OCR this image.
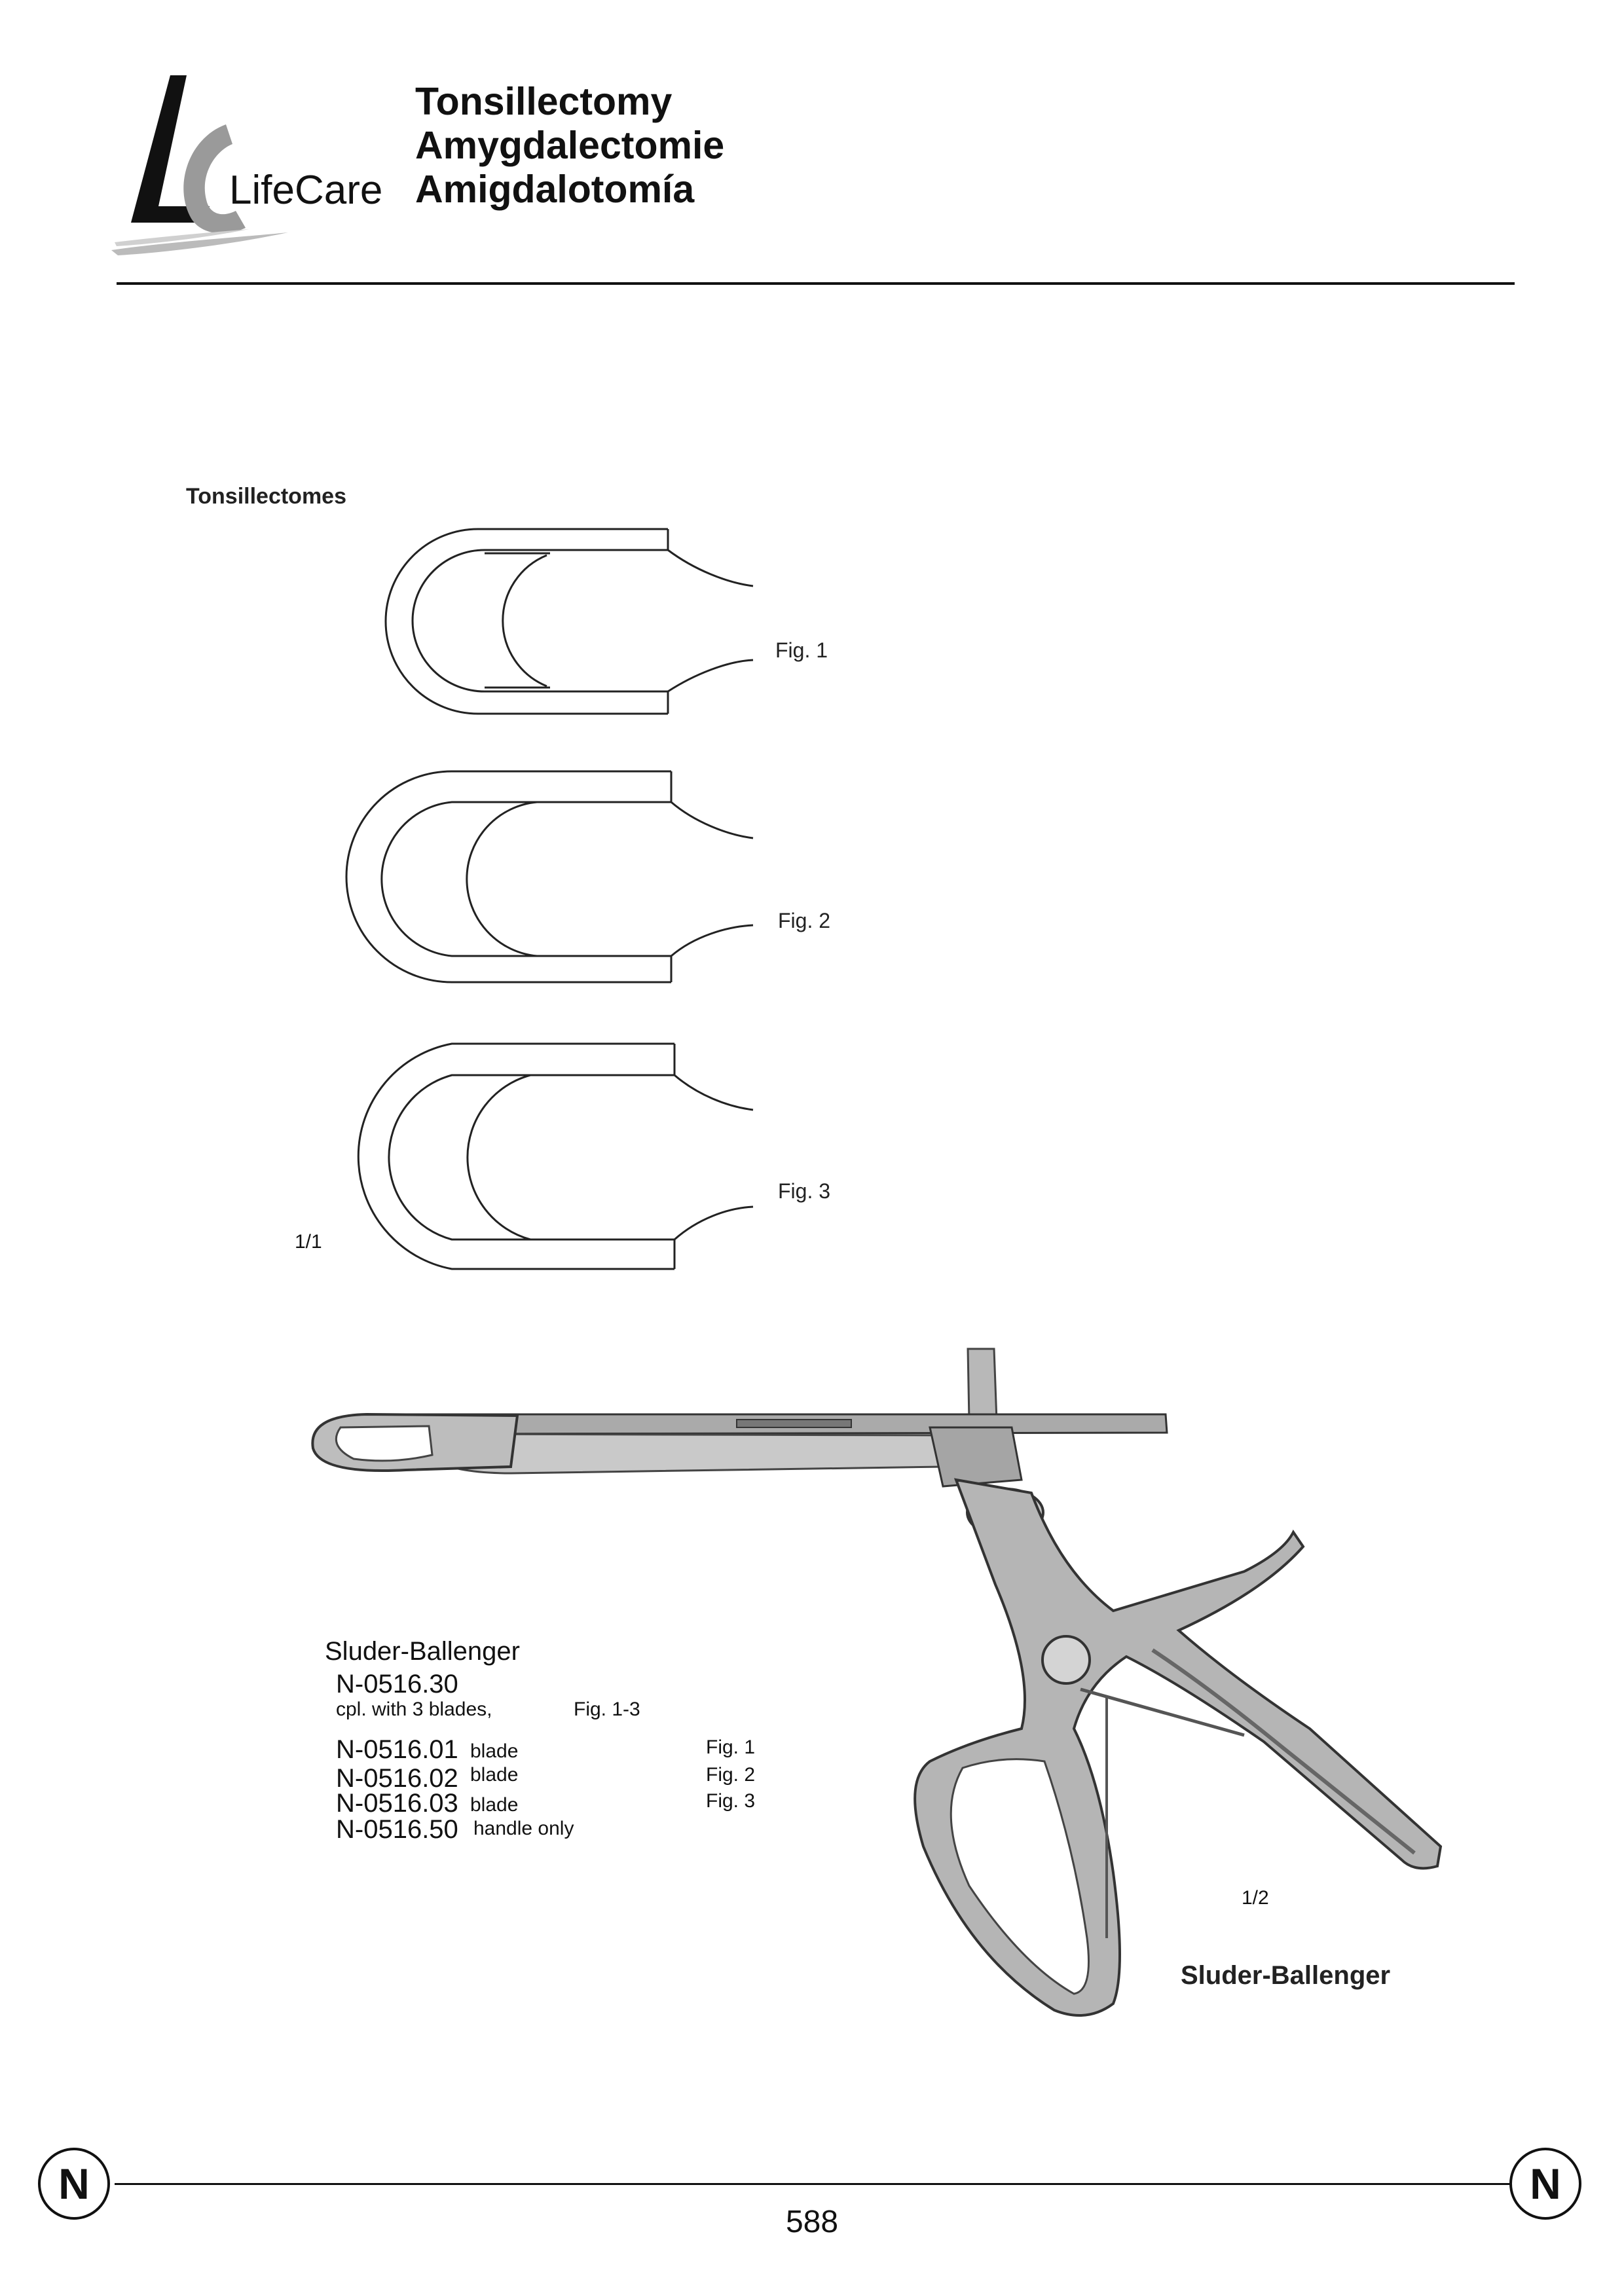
LifeCare
Tonsillectomy
Amygdalectomie
Amigdalotomía
Tonsillectomes
Fig. 1
Fig. 2
Fig. 3
1/1
Sluder-Ballenger
N-0516.30
cpl. with 3 blades,	Fig. 1-3
N-0516.01 blade	Fig. 1
N-0516.02 blade	Fig. 2
N-0516.03 blade	Fig. 3
N-0516.50 handle only
1/2
Sluder-Ballenger
N	N
588
